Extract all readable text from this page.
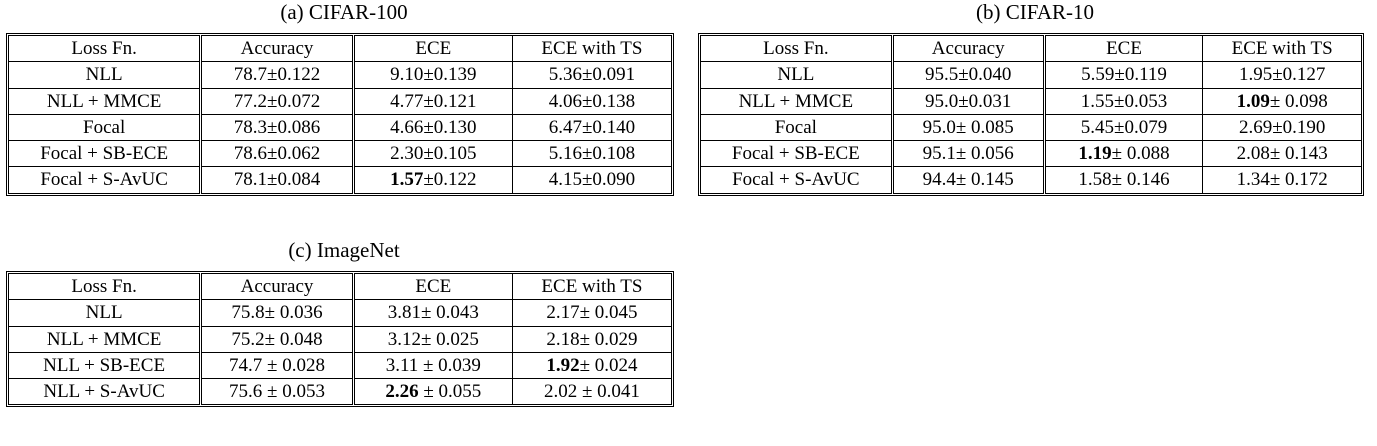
(a) CIFAR-100
Loss Fn.	Accuracy	ECE	ECE with TS
NLL	78.7±0.122	9.10±0.139	5.36±0.091
NLL + MMCE	77.2±0.072	4.77±0.121	4.06±0.138
Focal	78.3±0.086	4.66±0.130	6.47±0.140
Focal + SB-ECE	78.6±0.062	2.30±0.105	5.16±0.108
Focal + S-AvUC	78.1±0.084	1.57±0.122	4.15±0.090
(b) CIFAR-10
Loss Fn.	Accuracy	ECE	ECE with TS
NLL	95.5±0.040	5.59±0.119	1.95±0.127
NLL + MMCE	95.0±0.031	1.55±0.053	1.09± 0.098
Focal	95.0± 0.085	5.45±0.079	2.69±0.190
Focal + SB-ECE	95.1± 0.056	1.19± 0.088	2.08± 0.143
Focal + S-AvUC	94.4± 0.145	1.58± 0.146	1.34± 0.172
(c) ImageNet
Loss Fn.	Accuracy	ECE	ECE with TS
NLL	75.8± 0.036	3.81± 0.043	2.17± 0.045
NLL + MMCE	75.2± 0.048	3.12± 0.025	2.18± 0.029
NLL + SB-ECE	74.7 ± 0.028	3.11 ± 0.039	1.92± 0.024
NLL + S-AvUC	75.6 ± 0.053	2.26 ± 0.055	2.02 ± 0.041
